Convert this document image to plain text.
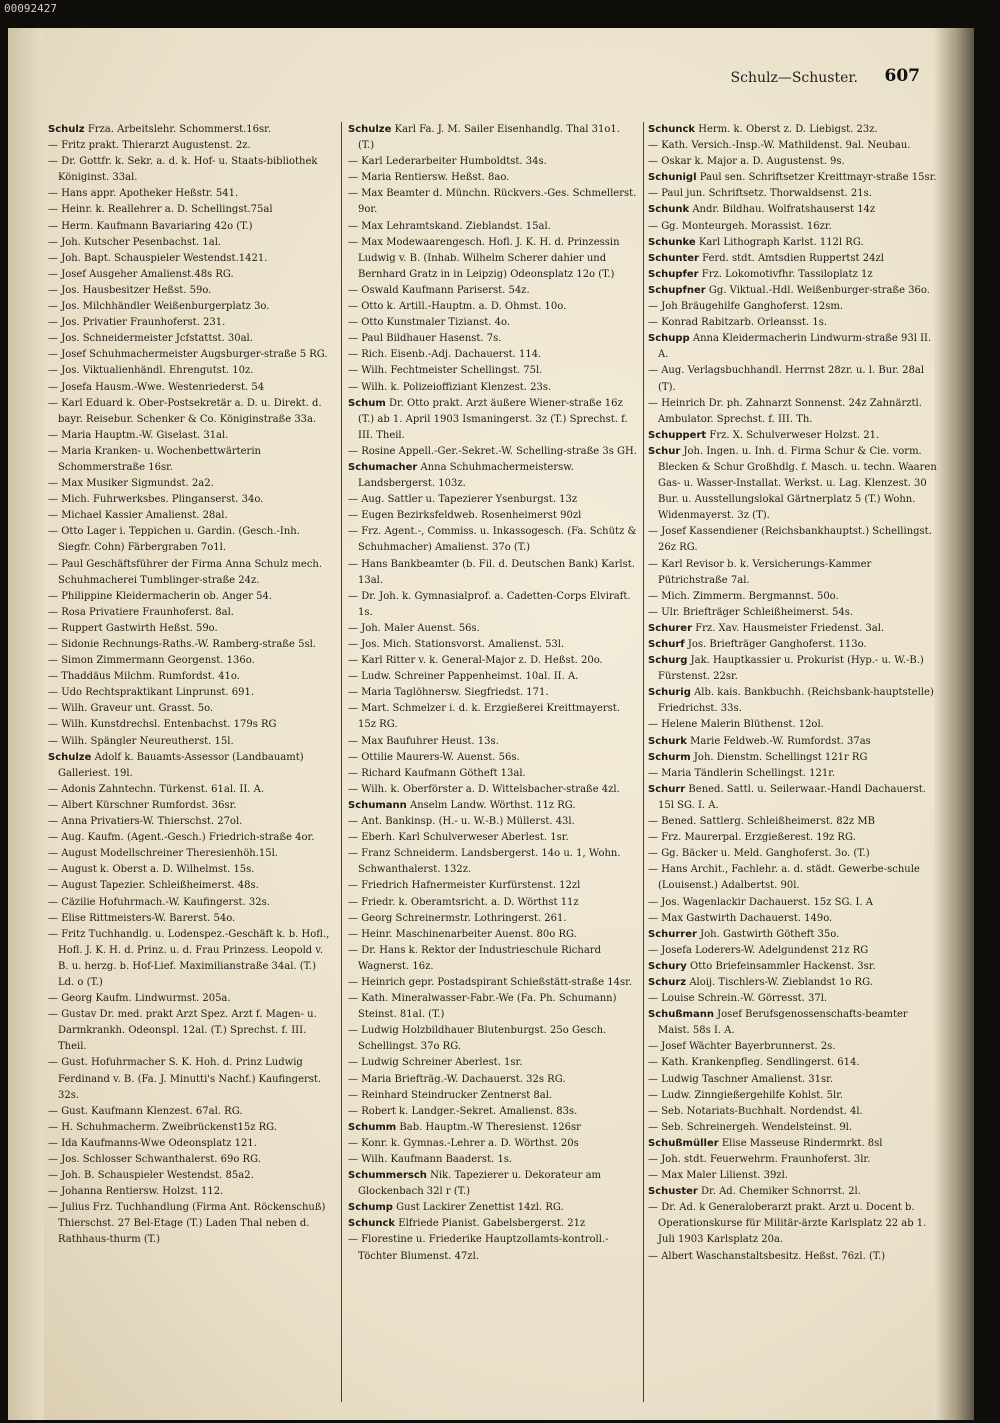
00092427
Schulz—Schuster. 607

Schulz Frza. Arbeitslehr. Schommerst.16sr.

— Fritz prakt. Thierarzt Augustenst. 2z.

— Dr. Gottfr. k. Sekr. a. d. k. Hof- u. Staats-bibliothek Königinst. 33al.

— Hans appr. Apotheker Heßstr. 541.

— Heinr. k. Reallehrer a. D. Schellingst.75al

— Herm. Kaufmann Bavariaring 42o (T.)

— Joh. Kutscher Pesenbachst. 1al.

— Joh. Bapt. Schauspieler Westendst.1421.

— Josef Ausgeher Amalienst.48s RG.

— Jos. Hausbesitzer Heßst. 59o.

— Jos. Milchhändler Weißenburgerplatz 3o.

— Jos. Privatier Fraunhoferst. 231.

— Jos. Schneidermeister Jcfstattst. 30al.

— Josef Schuhmachermeister Augsburger-straße 5 RG.

— Jos. Viktualienhändl. Ehrengutst. 10z.

— Josefa Hausm.-Wwe. Westenriederst. 54

— Karl Eduard k. Ober-Postsekretär a. D. u. Direkt. d. bayr. Reisebur. Schenker & Co. Königinstraße 33a.

— Maria Hauptm.-W. Giselast. 31al.

— Maria Kranken- u. Wochenbettwärterin Schommerstraße 16sr.

— Max Musiker Sigmundst. 2a2.

— Mich. Fuhrwerksbes. Plinganserst. 34o.

— Michael Kassier Amalienst. 28al.

— Otto Lager i. Teppichen u. Gardin. (Gesch.-Inh. Siegfr. Cohn) Färbergraben 7o1l.

— Paul Geschäftsführer der Firma Anna Schulz mech. Schuhmacherei Tumblinger-straße 24z.

— Philippine Kleidermacherin ob. Anger 54.

— Rosa Privatiere Fraunhoferst. 8al.

— Ruppert Gastwirth Heßst. 59o.

— Sidonie Rechnungs-Raths.-W. Ramberg-straße 5sl.

— Simon Zimmermann Georgenst. 136o.

— Thaddäus Milchm. Rumfordst. 41o.

— Udo Rechtspraktikant Linprunst. 691.

— Wilh. Graveur unt. Grasst. 5o.

— Wilh. Kunstdrechsl. Entenbachst. 179s RG

— Wilh. Spängler Neureutherst. 15l.

Schulze Adolf k. Bauamts-Assessor (Landbauamt) Galleriest. 19l.

— Adonis Zahntechn. Türkenst. 61al. II. A.

— Albert Kürschner Rumfordst. 36sr.

— Anna Privatiers-W. Thierschst. 27ol.

— Aug. Kaufm. (Agent.-Gesch.) Friedrich-straße 4or.

— August Modellschreiner Theresienhöh.15l.

— August k. Oberst a. D. Wilhelmst. 15s.

— August Tapezier. Schleißheimerst. 48s.

— Cäzilie Hofuhrmach.-W. Kaufingerst. 32s.

— Elise Rittmeisters-W. Barerst. 54o.

— Fritz Tuchhandlg. u. Lodenspez.-Geschäft k. b. Hofl., Hofl. J. K. H. d. Prinz. u. d. Frau Prinzess. Leopold v. B. u. herzg. b. Hof-Lief. Maximilianstraße 34al. (T.) Ld. o (T.)

— Georg Kaufm. Lindwurmst. 205a.

— Gustav Dr. med. prakt Arzt Spez. Arzt f. Magen- u. Darmkrankh. Odeonspl. 12al. (T.) Sprechst. f. III. Theil.

— Gust. Hofuhrmacher S. K. Hoh. d. Prinz Ludwig Ferdinand v. B. (Fa. J. Minutti's Nachf.) Kaufingerst. 32s.

— Gust. Kaufmann Klenzest. 67al. RG.

— H. Schuhmacherm. Zweibrückenst15z RG.

— Ida Kaufmanns-Wwe Odeonsplatz 121.

— Jos. Schlosser Schwanthalerst. 69o RG.

— Joh. B. Schauspieler Westendst. 85a2.

— Johanna Rentiersw. Holzst. 112.

— Julius Frz. Tuchhandlung (Firma Ant. Röckenschuß) Thierschst. 27 Bel-Etage (T.) Laden Thal neben d. Rathhaus-thurm (T.)

Schulze Karl Fa. J. M. Sailer Eisenhandlg. Thal 31o1. (T.)

— Karl Lederarbeiter Humboldtst. 34s.

— Maria Rentiersw. Heßst. 8ao.

— Max Beamter d. Münchn. Rückvers.-Ges. Schmellerst. 9or.

— Max Lehramtskand. Zieblandst. 15al.

— Max Modewaarengesch. Hofl. J. K. H. d. Prinzessin Ludwig v. B. (Inhab. Wilhelm Scherer dahier und Bernhard Gratz in in Leipzig) Odeonsplatz 12o (T.)

— Oswald Kaufmann Pariserst. 54z.

— Otto k. Artill.-Hauptm. a. D. Ohmst. 10o.

— Otto Kunstmaler Tizianst. 4o.

— Paul Bildhauer Hasenst. 7s.

— Rich. Eisenb.-Adj. Dachauerst. 114.

— Wilh. Fechtmeister Schellingst. 75l.

— Wilh. k. Polizeioffiziant Klenzest. 23s.

Schum Dr. Otto prakt. Arzt äußere Wiener-straße 16z (T.) ab 1. April 1903 Ismaningerst. 3z (T.) Sprechst. f. III. Theil.

— Rosine Appell.-Ger.-Sekret.-W. Schelling-straße 3s GH.

Schumacher Anna Schuhmachermeistersw. Landsbergerst. 103z.

— Aug. Sattler u. Tapezierer Ysenburgst. 13z

— Eugen Bezirksfeldweb. Rosenheimerst 90zl

— Frz. Agent.-, Commiss. u. Inkassogesch. (Fa. Schütz & Schuhmacher) Amalienst. 37o (T.)

— Hans Bankbeamter (b. Fil. d. Deutschen Bank) Karlst. 13al.

— Dr. Joh. k. Gymnasialprof. a. Cadetten-Corps Elviraft. 1s.

— Joh. Maler Auenst. 56s.

— Jos. Mich. Stationsvorst. Amalienst. 53l.

— Karl Ritter v. k. General-Major z. D. Heßst. 20o.

— Ludw. Schreiner Pappenheimst. 10al. II. A.

— Maria Taglöhnersw. Siegfriedst. 171.

— Mart. Schmelzer i. d. k. Erzgießerei Kreittmayerst. 15z RG.

— Max Baufuhrer Heust. 13s.

— Ottilie Maurers-W. Auenst. 56s.

— Richard Kaufmann Götheft 13al.

— Wilh. k. Oberförster a. D. Wittelsbacher-straße 4zl.

Schumann Anselm Landw. Wörthst. 11z RG.

— Ant. Bankinsp. (H.- u. W.-B.) Müllerst. 43l.

— Eberh. Karl Schulverweser Aberlest. 1sr.

— Franz Schneiderm. Landsbergerst. 14o u. 1, Wohn. Schwanthalerst. 132z.

— Friedrich Hafnermeister Kurfürstenst. 12zl

— Friedr. k. Oberamtsricht. a. D. Wörthst 11z

— Georg Schreinermstr. Lothringerst. 261.

— Heinr. Maschinenarbeiter Auenst. 80o RG.

— Dr. Hans k. Rektor der Industrieschule Richard Wagnerst. 16z.

— Heinrich gepr. Postadspirant Schießstätt-straße 14sr.

— Kath. Mineralwasser-Fabr.-We (Fa. Ph. Schumann) Steinst. 81al. (T.)

— Ludwig Holzbildhauer Blutenburgst. 25o Gesch. Schellingst. 37o RG.

— Ludwig Schreiner Aberlest. 1sr.

— Maria Briefträg.-W. Dachauerst. 32s RG.

— Reinhard Steindrucker Zentnerst 8al.

— Robert k. Landger.-Sekret. Amalienst. 83s.

Schumm Bab. Hauptm.-W Theresienst. 126sr

— Konr. k. Gymnas.-Lehrer a. D. Wörthst. 20s

— Wilh. Kaufmann Baaderst. 1s.

Schummersch Nik. Tapezierer u. Dekorateur am Glockenbach 32l r (T.)

Schump Gust Lackirer Zenettist 14zl. RG.

Schunck Elfriede Pianist. Gabelsbergerst. 21z

— Florestine u. Friederike Hauptzollamts-kontroll.-Töchter Blumenst. 47zl.

Schunck Herm. k. Oberst z. D. Liebigst. 23z.

— Kath. Versich.-Insp.-W. Mathildenst. 9al. Neubau.

— Oskar k. Major a. D. Augustenst. 9s.

Schunigl Paul sen. Schriftsetzer Kreittmayr-straße 15sr.

— Paul jun. Schriftsetz. Thorwaldsenst. 21s.

Schunk Andr. Bildhau. Wolfratshauserst 14z

— Gg. Monteurgeh. Morassist. 16zr.

Schunke Karl Lithograph Karlst. 112l RG.

Schunter Ferd. stdt. Amtsdien Ruppertst 24zl

Schupfer Frz. Lokomotivfhr. Tassiloplatz 1z

Schupfner Gg. Viktual.-Hdl. Weißenburger-straße 36o.

— Joh Bräugehilfe Ganghoferst. 12sm.

— Konrad Rabitzarb. Orleansst. 1s.

Schupp Anna Kleidermacherin Lindwurm-straße 93l II. A.

— Aug. Verlagsbuchhandl. Herrnst 28zr. u. l. Bur. 28al (T).

— Heinrich Dr. ph. Zahnarzt Sonnenst. 24z Zahnärztl. Ambulator. Sprechst. f. III. Th.

Schuppert Frz. X. Schulverweser Holzst. 21.

Schur Joh. Ingen. u. Inh. d. Firma Schur & Cie. vorm. Blecken & Schur Großhdlg. f. Masch. u. techn. Waaren Gas- u. Wasser-Installat. Werkst. u. Lag. Klenzest. 30 Bur. u. Ausstellungslokal Gärtnerplatz 5 (T.) Wohn. Widenmayerst. 3z (T).

— Josef Kassendiener (Reichsbankhauptst.) Schellingst. 26z RG.

— Karl Revisor b. k. Versicherungs-Kammer Pütrichstraße 7al.

— Mich. Zimmerm. Bergmannst. 50o.

— Ulr. Briefträger Schleißheimerst. 54s.

Schurer Frz. Xav. Hausmeister Friedenst. 3al.

Schurf Jos. Briefträger Ganghoferst. 113o.

Schurg Jak. Hauptkassier u. Prokurist (Hyp.- u. W.-B.) Fürstenst. 22sr.

Schurig Alb. kais. Bankbuchh. (Reichsbank-hauptstelle) Friedrichst. 33s.

— Helene Malerin Blüthenst. 12ol.

Schurk Marie Feldweb.-W. Rumfordst. 37as

Schurm Joh. Dienstm. Schellingst 121r RG

— Maria Tändlerin Schellingst. 121r.

Schurr Bened. Sattl. u. Seilerwaar.-Handl Dachauerst. 15l SG. I. A.

— Bened. Sattlerg. Schleißheimerst. 82z MB

— Frz. Maurerpal. Erzgießerest. 19z RG.

— Gg. Bäcker u. Meld. Ganghoferst. 3o. (T.)

— Hans Archit., Fachlehr. a. d. städt. Gewerbe-schule (Louisenst.) Adalbertst. 90l.

— Jos. Wagenlackir Dachauerst. 15z SG. I. A

— Max Gastwirth Dachauerst. 149o.

Schurrer Joh. Gastwirth Götheft 35o.

— Josefa Loderers-W. Adelgundenst 21z RG

Schury Otto Briefeinsammler Hackenst. 3sr.

Schurz Aloij. Tischlers-W. Zieblandst 1o RG.

— Louise Schrein.-W. Görresst. 37l.

Schußmann Josef Berufsgenossenschafts-beamter Maist. 58s I. A.

— Josef Wächter Bayerbrunnerst. 2s.

— Kath. Krankenpfleg. Sendlingerst. 614.

— Ludwig Taschner Amalienst. 31sr.

— Ludw. Zinngießergehilfe Kohlst. 5lr.

— Seb. Notariats-Buchhalt. Nordendst. 4l.

— Seb. Schreinergeh. Wendelsteinst. 9l.

Schußmüller Elise Masseuse Rindermrkt. 8sl

— Joh. stdt. Feuerwehrm. Fraunhoferst. 3lr.

— Max Maler Lilienst. 39zl.

Schuster Dr. Ad. Chemiker Schnorrst. 2l.

— Dr. Ad. k Generaloberarzt prakt. Arzt u. Docent b. Operationskurse für Militär-ärzte Karlsplatz 22 ab 1. Juli 1903 Karlsplatz 20a.

— Albert Waschanstaltsbesitz. Heßst. 76zl. (T.)
